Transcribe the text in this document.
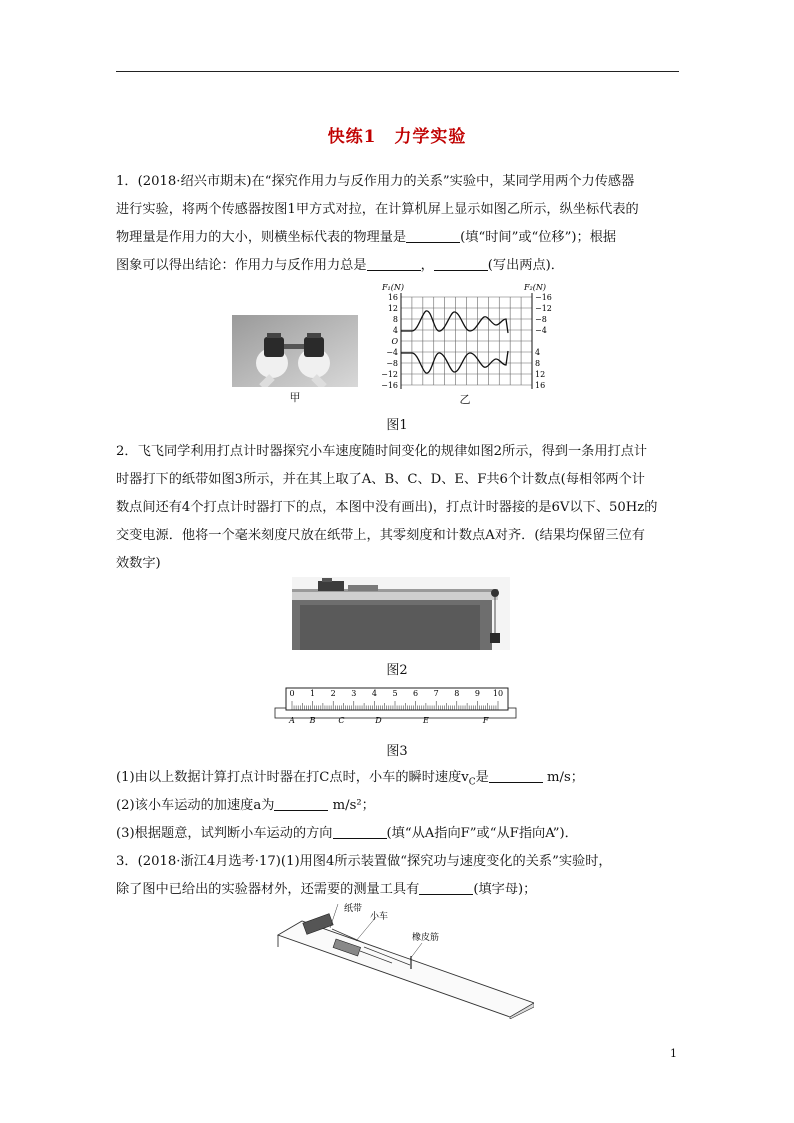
快练1　力学实验
1．(2018·绍兴市期末)在“探究作用力与反作用力的关系”实验中，某同学用两个力传感器
进行实验，将两个传感器按图1甲方式对拉，在计算机屏上显示如图乙所示，纵坐标代表的
物理量是作用力的大小，则横坐标代表的物理量是	(填“时间”或“位移”)；根据
图象可以得出结论：作用力与反作用力总是	，	(写出两点)．
甲
F₁(N)	F₂(N)
16
12
8
4
O
−4
−8
−12
−16
−16
−12
−8
−4
4
8
12
16
乙
图1
2．飞飞同学利用打点计时器探究小车速度随时间变化的规律如图2所示，得到一条用打点计
时器打下的纸带如图3所示，并在其上取了A、B、C、D、E、F共6个计数点(每相邻两个计
数点间还有4个打点计时器打下的点，本图中没有画出)，打点计时器接的是6V以下、50Hz的
交变电源．他将一个毫米刻度尺放在纸带上，其零刻度和计数点A对齐．(结果均保留三位有
效数字)
图2
0 1 2 3 4 5 6 7 8 9 10
A B	C	D	E	F
图3
(1)由以上数据计算打点计时器在打C点时，小车的瞬时速度$v_C$是	m/s；
(2)该小车运动的加速度a为	m/s²；
(3)根据题意，试判断小车运动的方向	(填“从A指向F”或“从F指向A”)．
3．(2018·浙江4月选考·17)(1)用图4所示装置做“探究功与速度变化的关系”实验时，
除了图中已给出的实验器材外，还需要的测量工具有	(填字母)；
纸带
小车
橡皮筋
1
